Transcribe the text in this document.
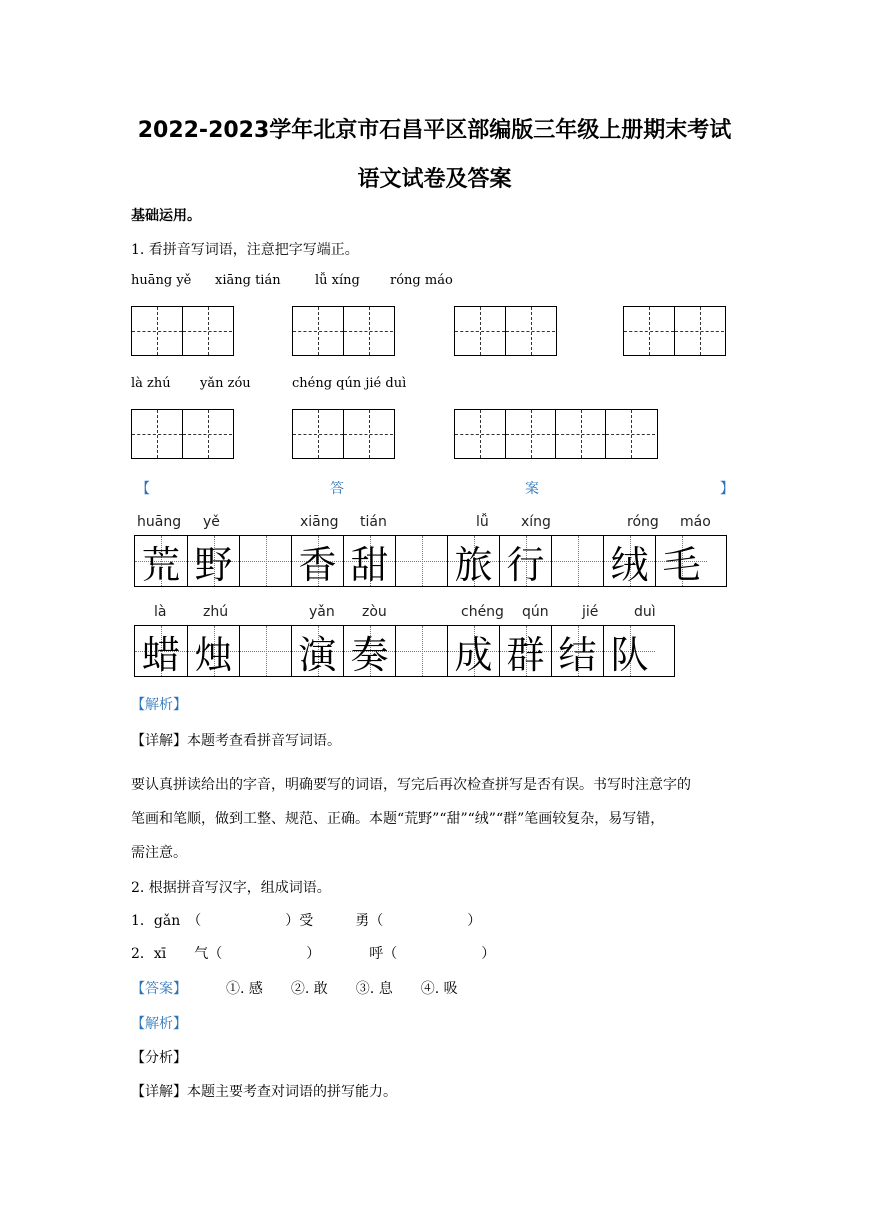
2022-2023学年北京市石昌平区部编版三年级上册期末考试
语文试卷及答案
基础运用。
1. 看拼音写词语，注意把字写端正。
huāng yě xiāng tián	lǚ xíng róng máo
là zhú yǎn zóu	chéng qún jié duì
【	答	案	】
huāng yě	xiāng tián	lǚ xíng	róng máo
荒 野 香 甜 旅 行 绒 毛
là	zhú	yǎn zòu	chéng qún jié	duì
蜡 烛 演 奏 成 群 结 队
【解析】
【详解】本题考查看拼音写词语。
要认真拼读给出的字音，明确要写的词语，写完后再次检查拼写是否有误。书写时注意字的
笔画和笔顺，做到工整、规范、正确。本题“荒野”“甜”“绒”“群”笔画较复杂，易写错，
需注意。
2. 根据拼音写汉字，组成词语。
1．gǎn　（　　　　　　）受　　　勇（　　　　　　）
2．xī　　气（　　　　　　）　　　　呼（　　　　　　）
【答案】	①. 感　　②. 敢　　③. 息　　④. 吸
【解析】
【分析】
【详解】本题主要考查对词语的拼写能力。
